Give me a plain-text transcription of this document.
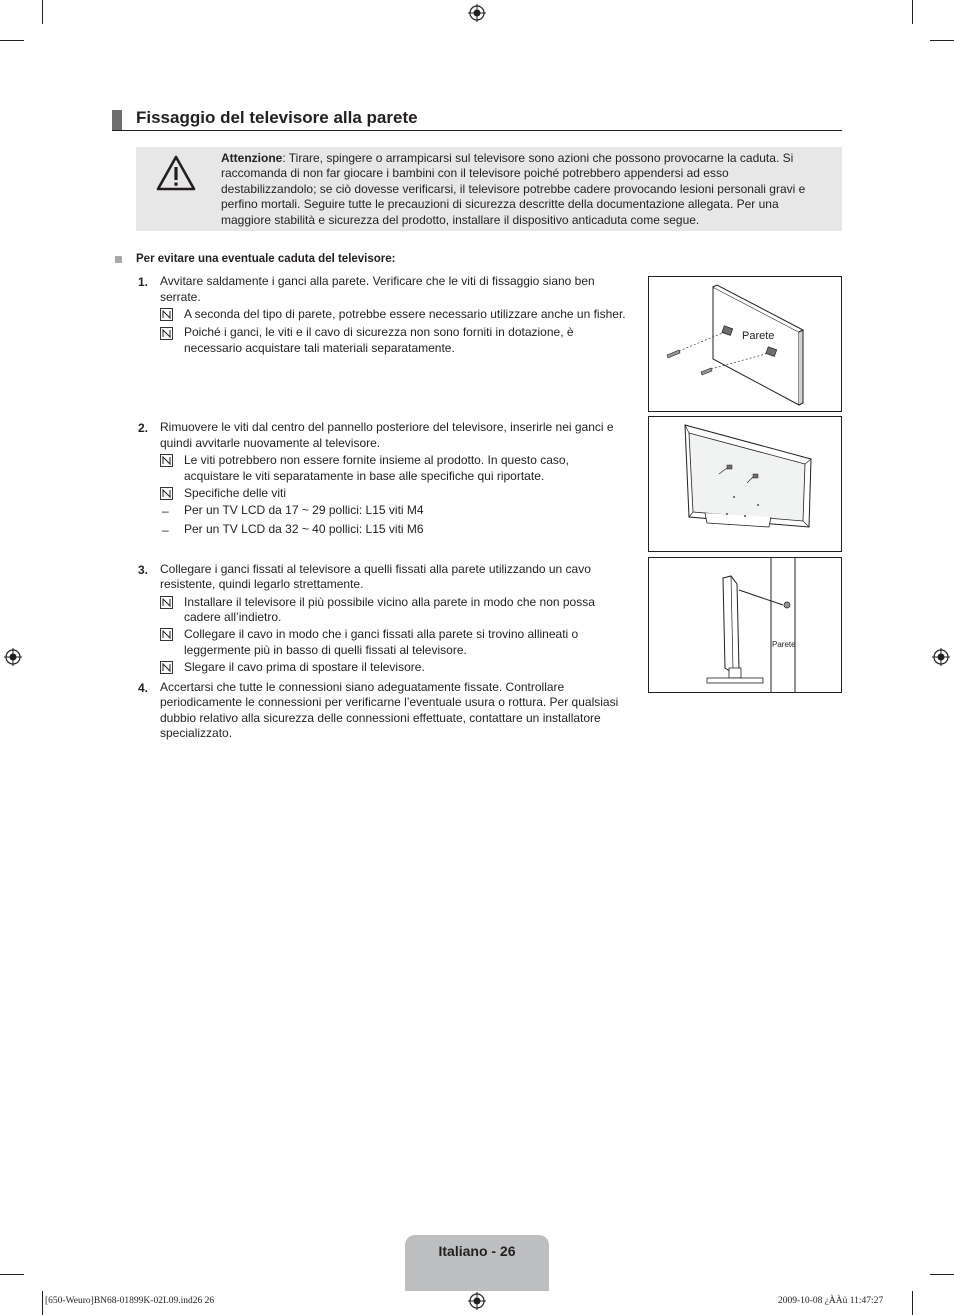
Fissaggio del televisore alla parete
Attenzione: Tirare, spingere o arrampicarsi sul televisore sono azioni che possono provocarne la caduta. Si raccomanda di non far giocare i bambini con il televisore poiché potrebbero appendersi ad esso destabilizzandolo; se ciò dovesse verificarsi, il televisore potrebbe cadere provocando lesioni personali gravi e perfino mortali. Seguire tutte le precauzioni di sicurezza descritte della documentazione allegata. Per una maggiore stabilità e sicurezza del prodotto, installare il dispositivo anticaduta come segue.
Per evitare una eventuale caduta del televisore:
1. Avvitare saldamente i ganci alla parete. Verificare che le viti di fissaggio siano ben
serrate.
A seconda del tipo di parete, potrebbe essere necessario utilizzare anche un fisher.
Poiché i ganci, le viti e il cavo di sicurezza non sono forniti in dotazione, è
necessario acquistare tali materiali separatamente.
2. Rimuovere le viti dal centro del pannello posteriore del televisore, inserirle nei ganci e
quindi avvitarle nuovamente al televisore.
Le viti potrebbero non essere fornite insieme al prodotto. In questo caso,
acquistare le viti separatamente in base alle specifiche qui riportate.
Specifiche delle viti
– Per un TV LCD da 17 ~ 29 pollici: L15 viti M4
– Per un TV LCD da 32 ~ 40 pollici: L15 viti M6
3. Collegare i ganci fissati al televisore a quelli fissati alla parete utilizzando un cavo
resistente, quindi legarlo strettamente.
Installare il televisore il più possibile vicino alla parete in modo che non possa
cadere all’indietro.
Collegare il cavo in modo che i ganci fissati alla parete si trovino allineati o
leggermente più in basso di quelli fissati al televisore.
Slegare il cavo prima di spostare il televisore.
4. Accertarsi che tutte le connessioni siano adeguatamente fissate. Controllare
periodicamente le connessioni per verificarne l’eventuale usura o rottura. Per qualsiasi
dubbio relativo alla sicurezza delle connessioni effettuate, contattare un installatore
specializzato.
Parete
Parete
Italiano - 26
[650-Weuro]BN68-01899K-02L09.ind26 26	2009-10-08 ¿ÀÀü 11:47:27
